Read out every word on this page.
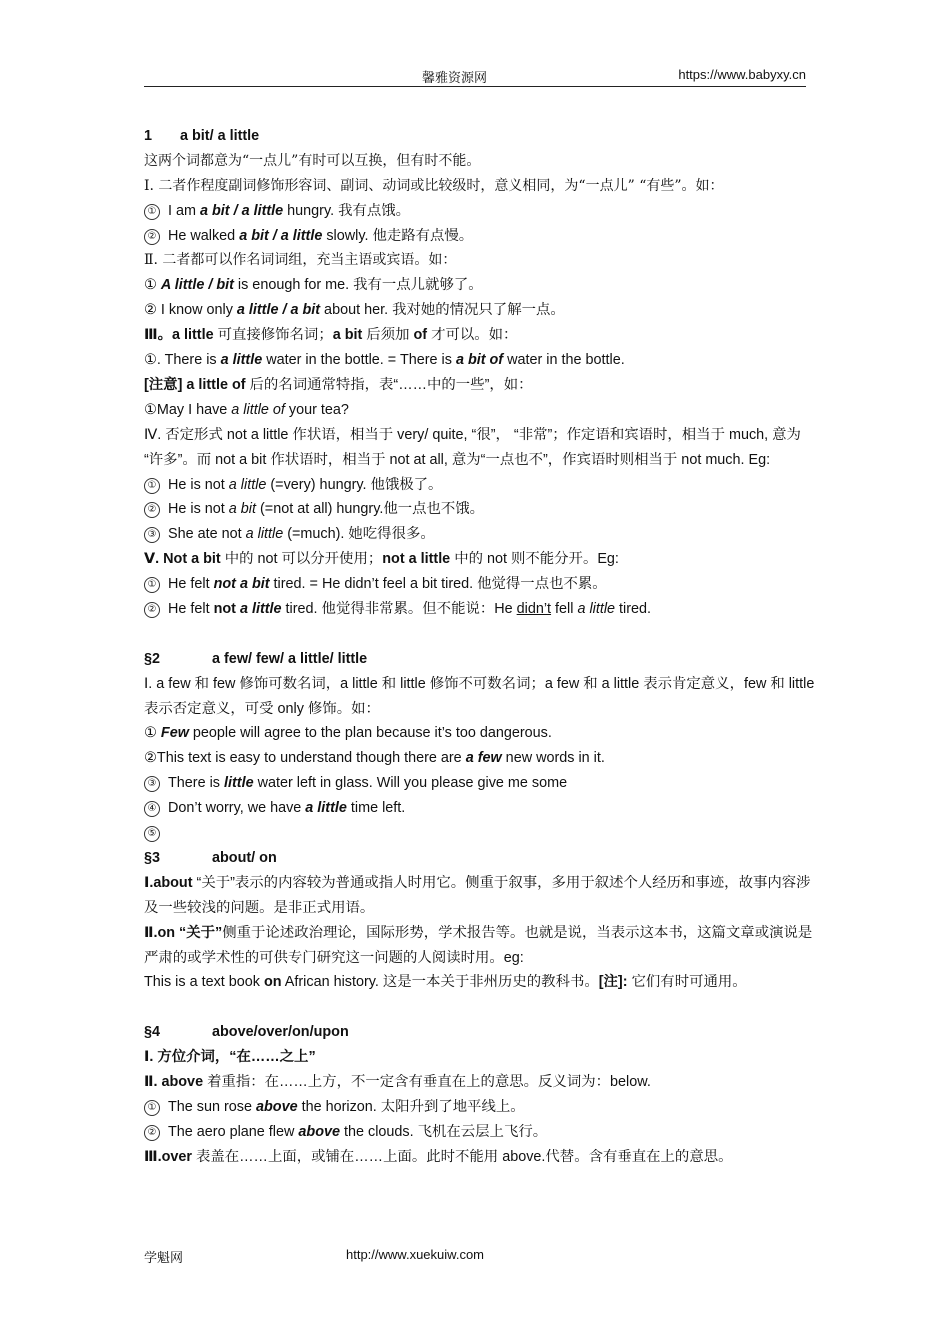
馨雅资源网	https://www.babyxy.cn
1 a bit/ a little
这两个词都意为“一点儿”有时可以互换，但有时不能。
Ⅰ. 二者作程度副词修饰形容词、副词、动词或比较级时，意义相同，为“一点儿” “有些”。如：
① I am a bit / a little hungry. 我有点饿。
② He walked a bit / a little slowly. 他走路有点慢。
Ⅱ. 二者都可以作名词词组，充当主语或宾语。如：
① A little / bit is enough for me. 我有一点儿就够了。
② I know only a little / a bit about her. 我对她的情况只了解一点。
Ⅲ。a little 可直接修饰名词；a bit 后须加 of 才可以。如：
①. There is a little water in the bottle. = There is a bit of water in the bottle.
[注意] a little of 后的名词通常特指，表“……中的一些”，如：
①May I have a little of your tea?
Ⅳ. 否定形式 not a little 作状语，相当于 very/ quite, “很”， “非常”；作定语和宾语时，相当于 much, 意为 “许多”。而 not a bit 作状语时，相当于 not at all, 意为“一点也不”，作宾语时则相当于 not much. Eg:
① He is not a little (=very) hungry. 他饿极了。
② He is not a bit (=not at all) hungry.他一点也不饿。
③ She ate not a little (=much). 她吃得很多。
Ⅴ. Not a bit 中的 not 可以分开使用；not a little 中的 not 则不能分开。Eg:
① He felt not a bit tired. = He didn’t feel a bit tired. 他觉得一点也不累。
② He felt not a little tired. 他觉得非常累。但不能说：He didn’t fell a little tired.
§2	a few/ few/ a little/ little
Ⅰ. a few 和 few 修饰可数名词，a little 和 little 修饰不可数名词；a few 和 a little 表示肯定意义，few 和 little 表示否定意义，可受 only 修饰。如：
① Few people will agree to the plan because it’s too dangerous.
②This text is easy to understand though there are a few new words in it.
③ There is little water left in glass. Will you please give me some
④ Don’t worry, we have a little time left.
⑤
§3	about/ on
Ⅰ.about “关于”表示的内容较为普通或指人时用它。侧重于叙事，多用于叙述个人经历和事迹，故事内容涉及一些较浅的问题。是非正式用语。
Ⅱ.on “关于”侧重于论述政治理论，国际形势，学术报告等。也就是说，当表示这本书，这篇文章或演说是严肃的或学术性的可供专门研究这一问题的人阅读时用。eg:
This is a text book on African history. 这是一本关于非州历史的教科书。[注]: 它们有时可通用。
§4	above/over/on/upon
Ⅰ. 方位介词，“在……之上”
Ⅱ. above 着重指：在……上方，不一定含有垂直在上的意思。反义词为：below.
① The sun rose above the horizon. 太阳升到了地平线上。
② The aero plane flew above the clouds. 飞机在云层上飞行。
Ⅲ.over 表盖在……上面，或铺在……上面。此时不能用 above.代替。含有垂直在上的意思。
学魁网	http://www.xuekuiw.com
